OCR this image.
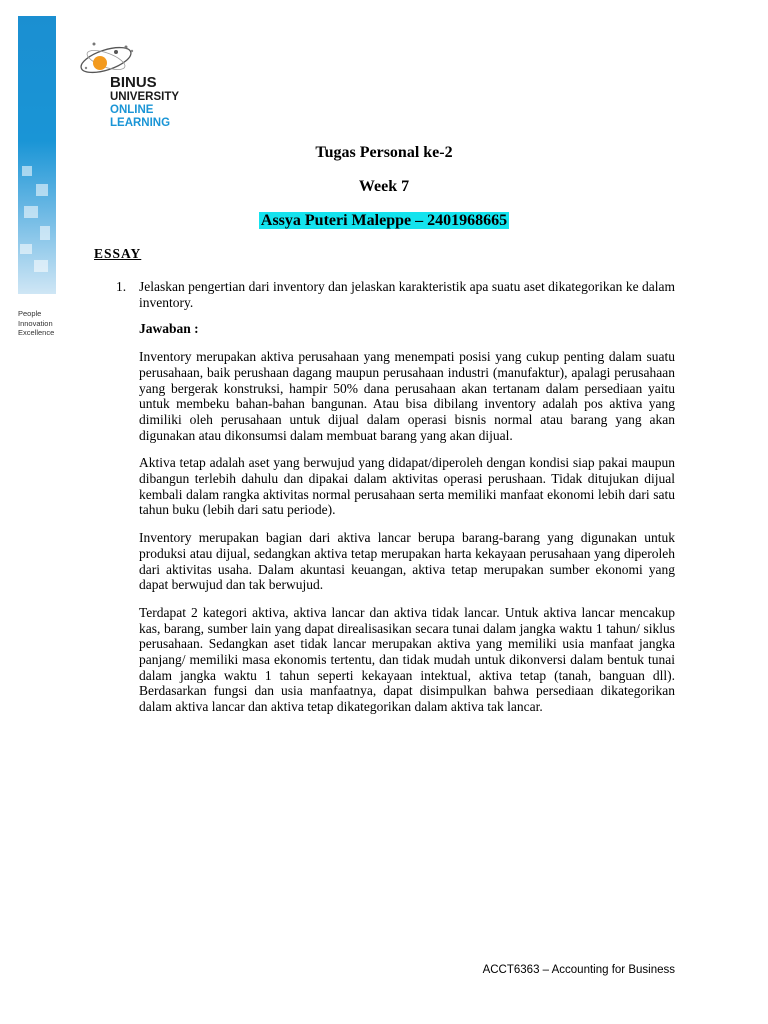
People
Innovation
Excellence
BINUS
UNIVERSITY
ONLINE
LEARNING
Tugas Personal ke-2
Week 7
Assya Puteri Maleppe – 2401968665
ESSAY
1. Jelaskan pengertian dari inventory dan jelaskan karakteristik apa suatu aset dikategorikan ke dalam inventory.

Jawaban :

Inventory merupakan aktiva perusahaan yang menempati posisi yang cukup penting dalam suatu perusahaan, baik perushaan dagang maupun perusahaan industri (manufaktur), apalagi perusahaan yang bergerak konstruksi, hampir 50% dana perusahaan akan tertanam dalam persediaan yaitu untuk membeku bahan-bahan bangunan. Atau bisa dibilang inventory adalah pos aktiva yang dimiliki oleh perusahaan untuk dijual dalam operasi bisnis normal atau barang yang akan digunakan atau dikonsumsi dalam membuat barang yang akan dijual.

Aktiva tetap adalah aset yang berwujud yang didapat/diperoleh dengan kondisi siap pakai maupun dibangun terlebih dahulu dan dipakai dalam aktivitas operasi perushaan. Tidak ditujukan dijual kembali dalam rangka aktivitas normal perusahaan serta memiliki manfaat ekonomi lebih dari satu tahun buku (lebih dari satu periode).

Inventory merupakan bagian dari aktiva lancar berupa barang-barang yang digunakan untuk produksi atau dijual, sedangkan aktiva tetap merupakan harta kekayaan perusahaan yang diperoleh dari aktivitas usaha. Dalam akuntasi keuangan, aktiva tetap merupakan sumber ekonomi yang dapat berwujud dan tak berwujud.

Terdapat 2 kategori aktiva, aktiva lancar dan aktiva tidak lancar. Untuk aktiva lancar mencakup kas, barang, sumber lain yang dapat direalisasikan secara tunai dalam jangka waktu 1 tahun/ siklus perusahaan. Sedangkan aset tidak lancar merupakan aktiva yang memiliki usia manfaat jangka panjang/ memiliki masa ekonomis tertentu, dan tidak mudah untuk dikonversi dalam bentuk tunai dalam jangka waktu 1 tahun seperti kekayaan intektual, aktiva tetap (tanah, banguan dll). Berdasarkan fungsi dan usia manfaatnya, dapat disimpulkan bahwa persediaan dikategorikan dalam aktiva lancar dan aktiva tetap dikategorikan dalam aktiva tak lancar.

ACCT6363 – Accounting for Business
